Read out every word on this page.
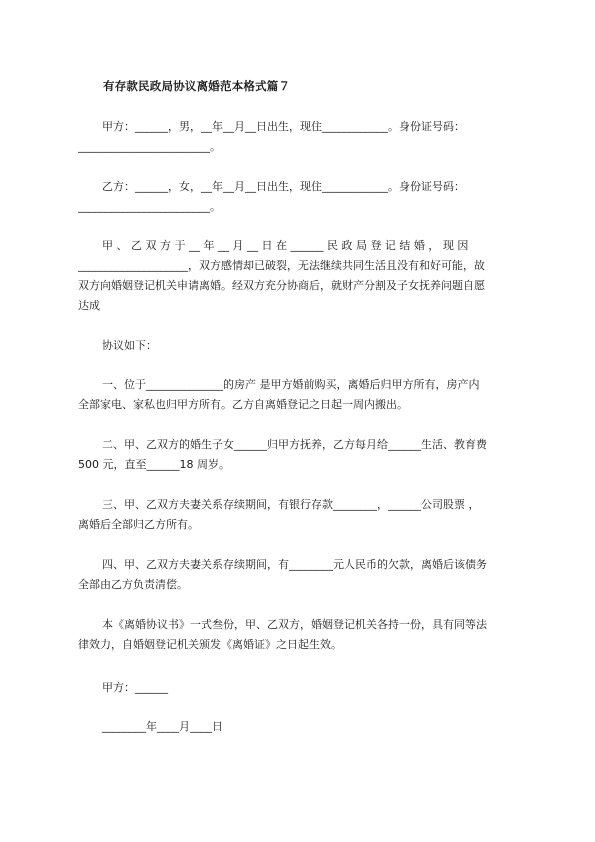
有存款民政局协议离婚范本格式篇７
甲方：______，男，__年__月__日出生，现住____________。身份证号码：
________________________。
乙方：______，女，__年__月__日出生，现住____________。身份证号码：
________________________。
甲 、 乙 双 方 于 __ 年 __ 月 __ 日 在 ______ 民 政 局 登 记 结 婚 ， 现 因
____________________，双方感情却已破裂，无法继续共同生活且没有和好可能，故
双方向婚姻登记机关申请离婚。经双方充分协商后，就财产分割及子女抚养问题自愿
达成
协议如下：
一、位于______________的房产 是甲方婚前购买，离婚后归甲方所有，房产内
全部家电、家私也归甲方所有。乙方自离婚登记之日起一周内搬出。
二、甲、乙双方的婚生子女______归甲方抚养，乙方每月给______生活、教育费
500 元，直至______18 周岁。
三、甲、乙双方夫妻关系存续期间，有银行存款________，______公司股票 ，
离婚后全部归乙方所有。
四、甲、乙双方夫妻关系存续期间，有________元人民币的欠款，离婚后该债务
全部由乙方负责清偿。
本《离婚协议书》一式叁份，甲、乙双方，婚姻登记机关各持一份，具有同等法
律效力，自婚姻登记机关颁发《离婚证》之日起生效。
甲方：______
________年____月____日
